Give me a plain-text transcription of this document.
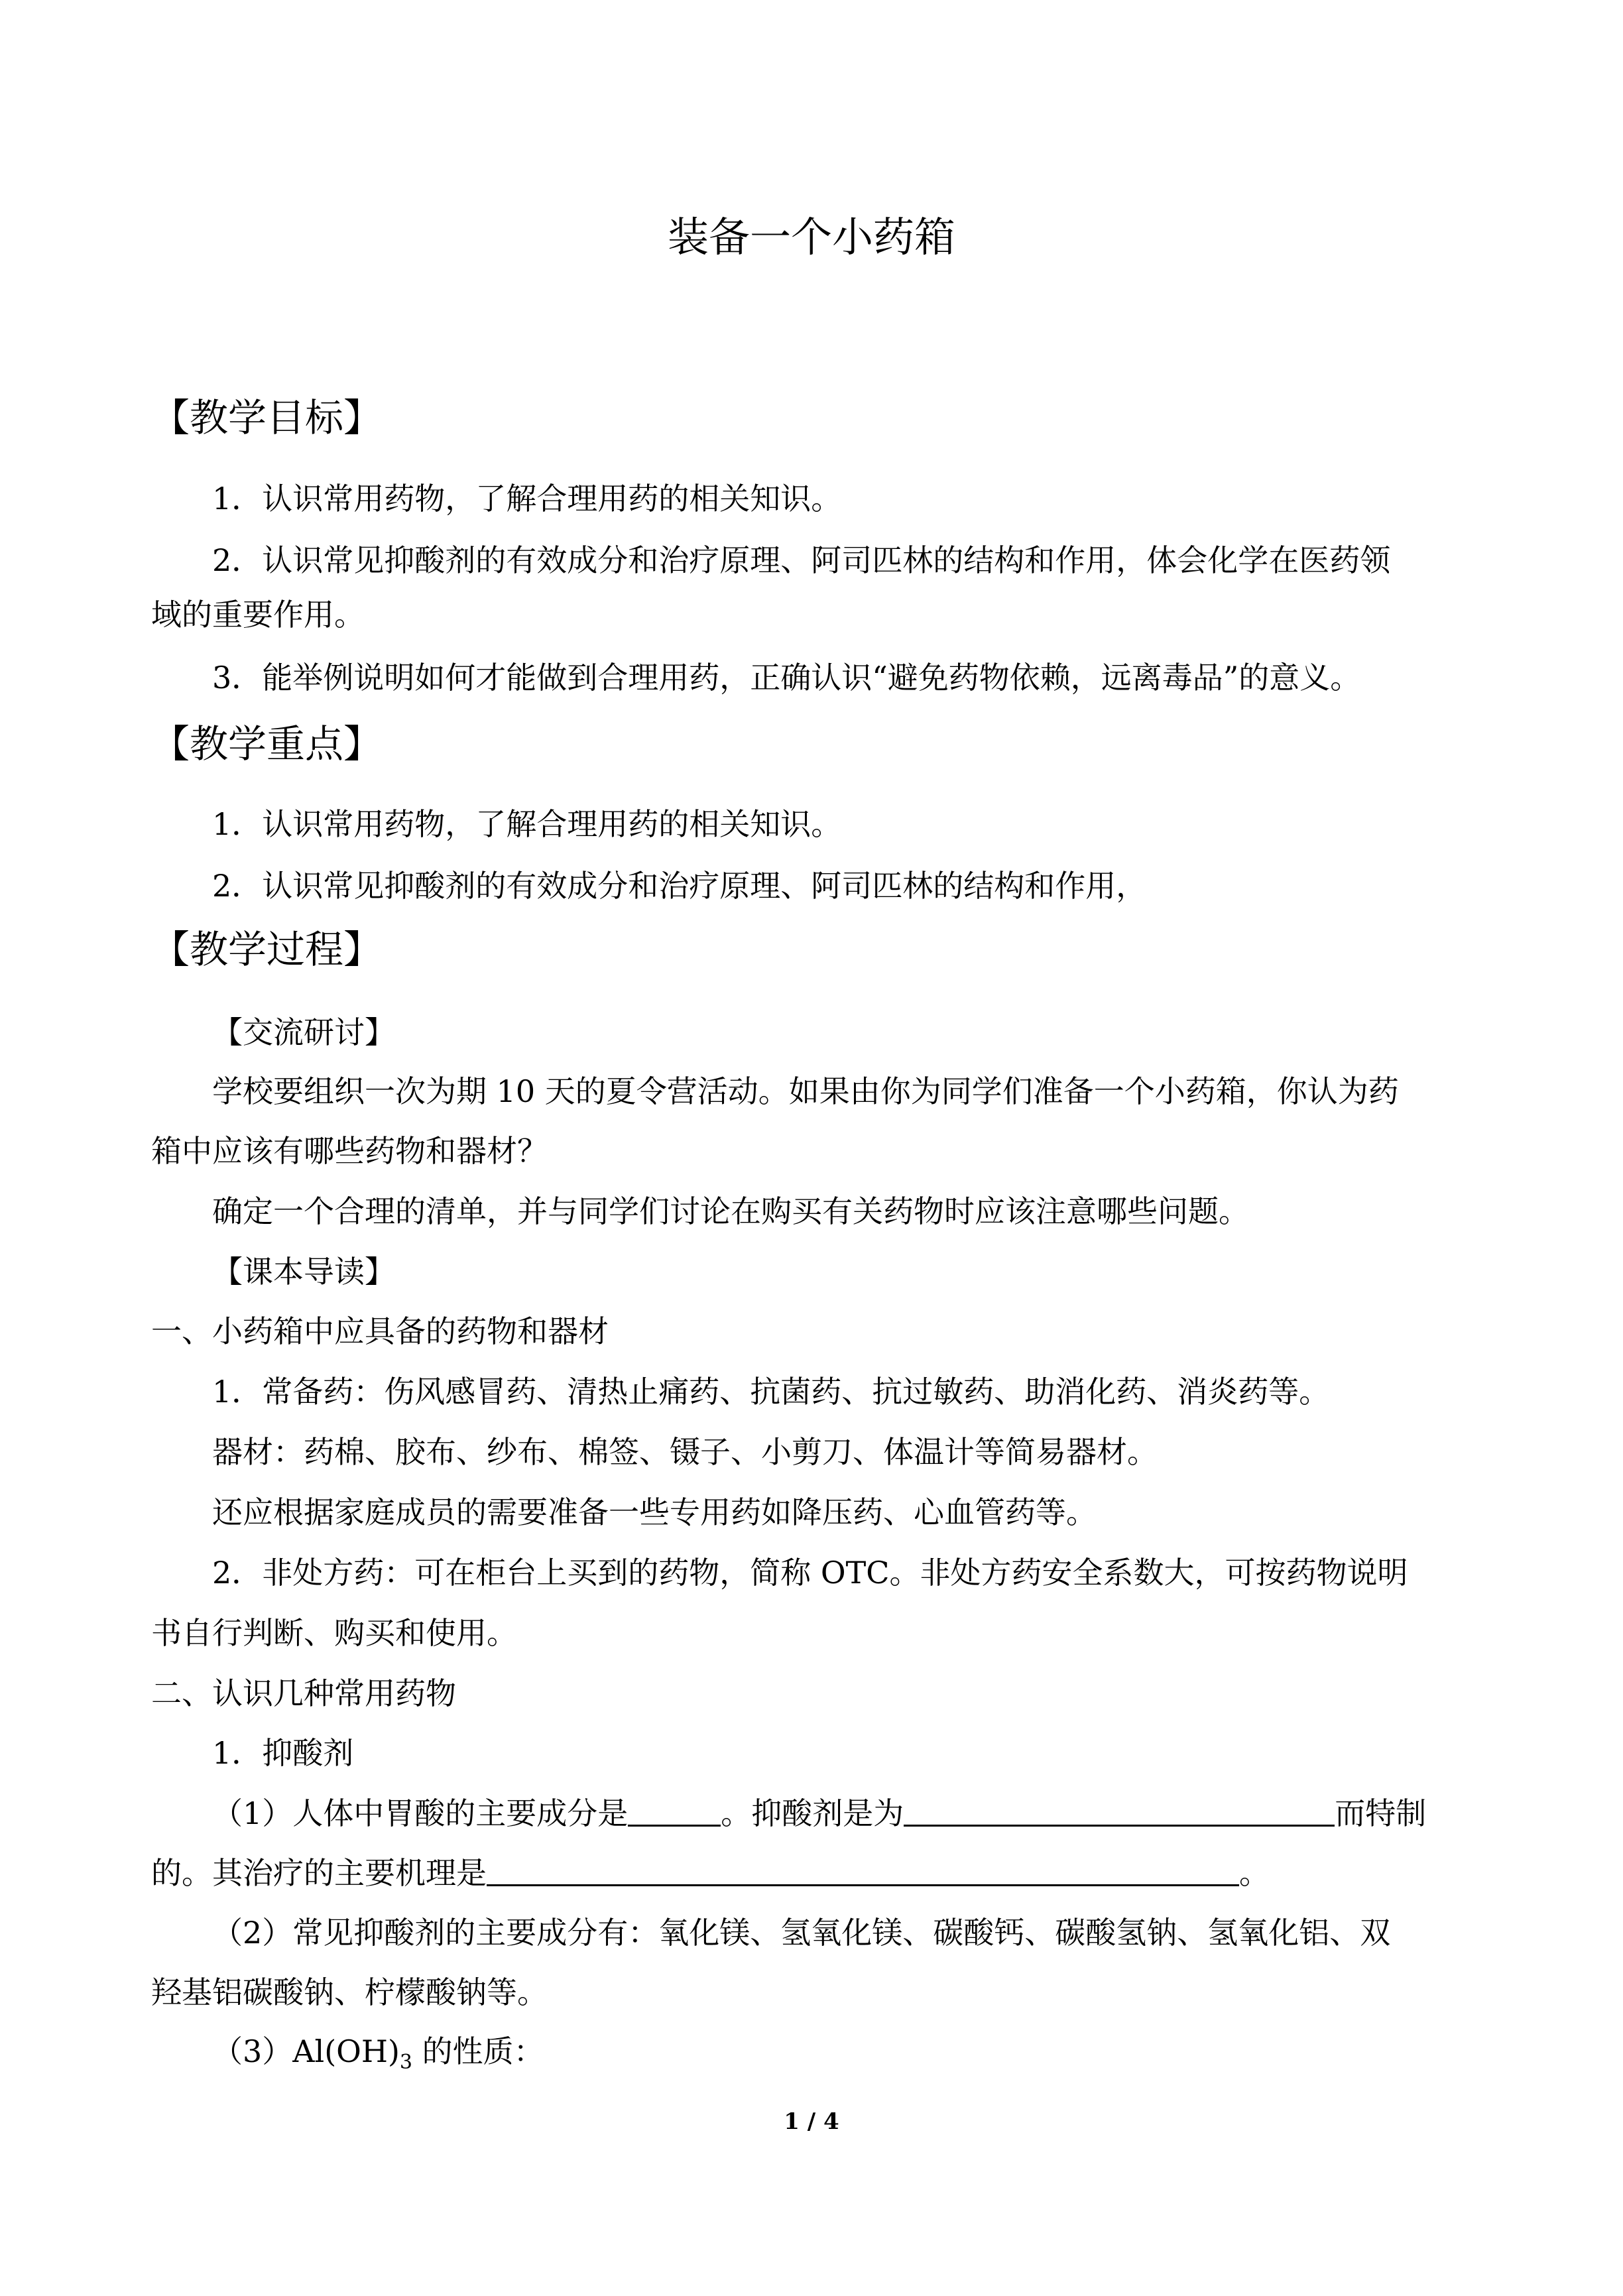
装备一个小药箱
【教学目标】
1．认识常用药物，了解合理用药的相关知识。
2．认识常见抑酸剂的有效成分和治疗原理、阿司匹林的结构和作用，体会化学在医药领
域的重要作用。
3．能举例说明如何才能做到合理用药，正确认识“避免药物依赖，远离毒品”的意义。
【教学重点】
1．认识常用药物，了解合理用药的相关知识。
2．认识常见抑酸剂的有效成分和治疗原理、阿司匹林的结构和作用，
【教学过程】
【交流研讨】
学校要组织一次为期 10 天的夏令营活动。如果由你为同学们准备一个小药箱，你认为药
箱中应该有哪些药物和器材？
确定一个合理的清单，并与同学们讨论在购买有关药物时应该注意哪些问题。
【课本导读】
一、小药箱中应具备的药物和器材
1．常备药：伤风感冒药、清热止痛药、抗菌药、抗过敏药、助消化药、消炎药等。
器材：药棉、胶布、纱布、棉签、镊子、小剪刀、体温计等简易器材。
还应根据家庭成员的需要准备一些专用药如降压药、心血管药等。
2．非处方药：可在柜台上买到的药物，简称 OTC。非处方药安全系数大，可按药物说明
书自行判断、购买和使用。
二、认识几种常用药物
1．抑酸剂
（1）人体中胃酸的主要成分是	。抑酸剂是为	而特制
的。其治疗的主要机理是	。
（2）常见抑酸剂的主要成分有：氧化镁、氢氧化镁、碳酸钙、碳酸氢钠、氢氧化铝、双
羟基铝碳酸钠、柠檬酸钠等。
$(3)Al(OH)_3$ 的性质：
1 / 4
